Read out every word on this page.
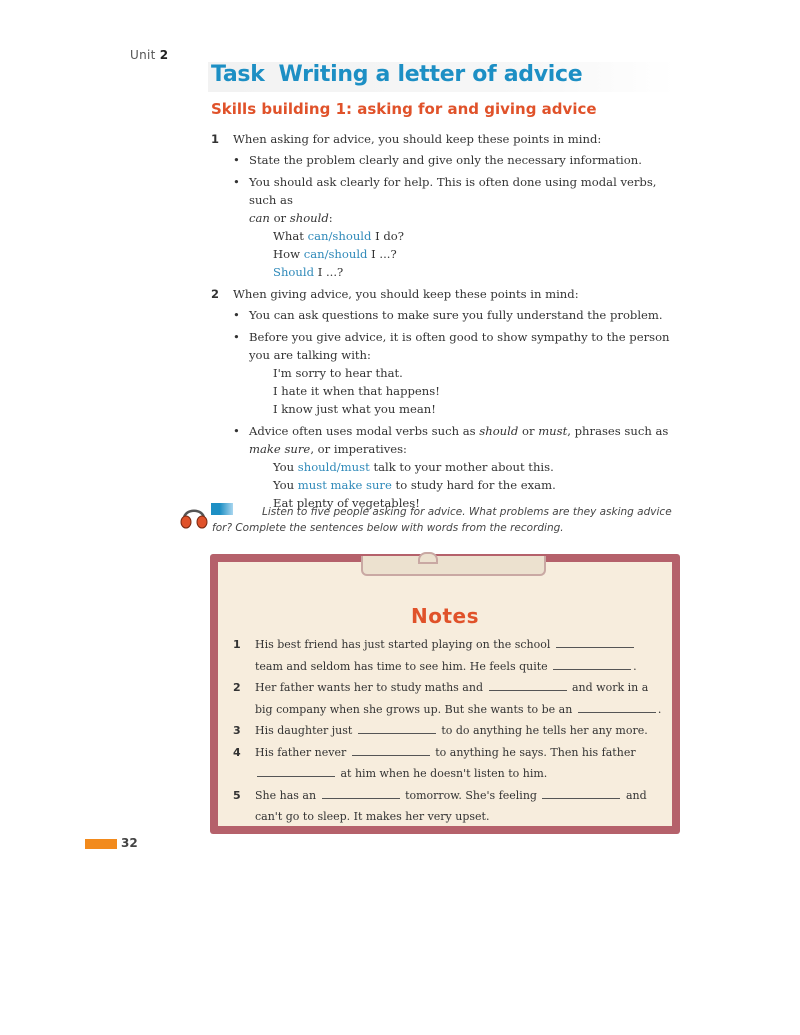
Unit 2
Task Writing a letter of advice
Skills building 1: asking for and giving advice
1	When asking for advice, you should keep these points in mind:
• State the problem clearly and give only the necessary information.
• You should ask clearly for help. This is often done using modal verbs, such as
can or should:
What can/should I do?
How can/should I ...?
Should I ...?
2	When giving advice, you should keep these points in mind:
• You can ask questions to make sure you fully understand the problem.
• Before you give advice, it is often good to show sympathy to the person you are talking with:
I'm sorry to hear that.
I hate it when that happens!
I know just what you mean!
• Advice often uses modal verbs such as should or must, phrases such as make sure, or imperatives:
You should/must talk to your mother about this.
You must make sure to study hard for the exam.
Eat plenty of vegetables!
Listen to five people asking for advice. What problems are they asking advice for? Complete the sentences below with words from the recording.
Notes
1 His best friend has just started playing on the school
team and seldom has time to see him. He feels quite	.
2 Her father wants her to study maths and	and work in a big company when she grows up. But she wants to be an	.
3 His daughter just	to do anything he tells her any more.
4 His father never	to anything he says. Then his father
at him when he doesn't listen to him.
5 She has an	tomorrow. She's feeling	and can't go to sleep. It makes her very upset.
32
